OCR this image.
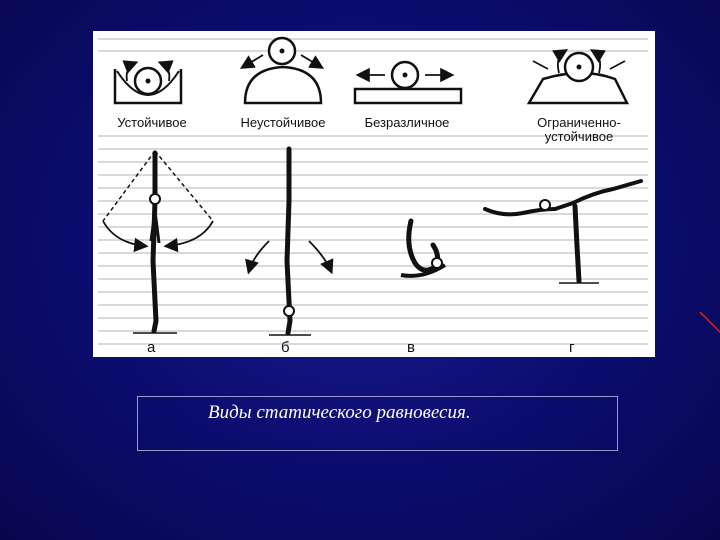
Устойчивое	Неустойчивое	Безразличное	Ограниченно-
устойчивое
а	б	в	г
Виды статического равновесия.
